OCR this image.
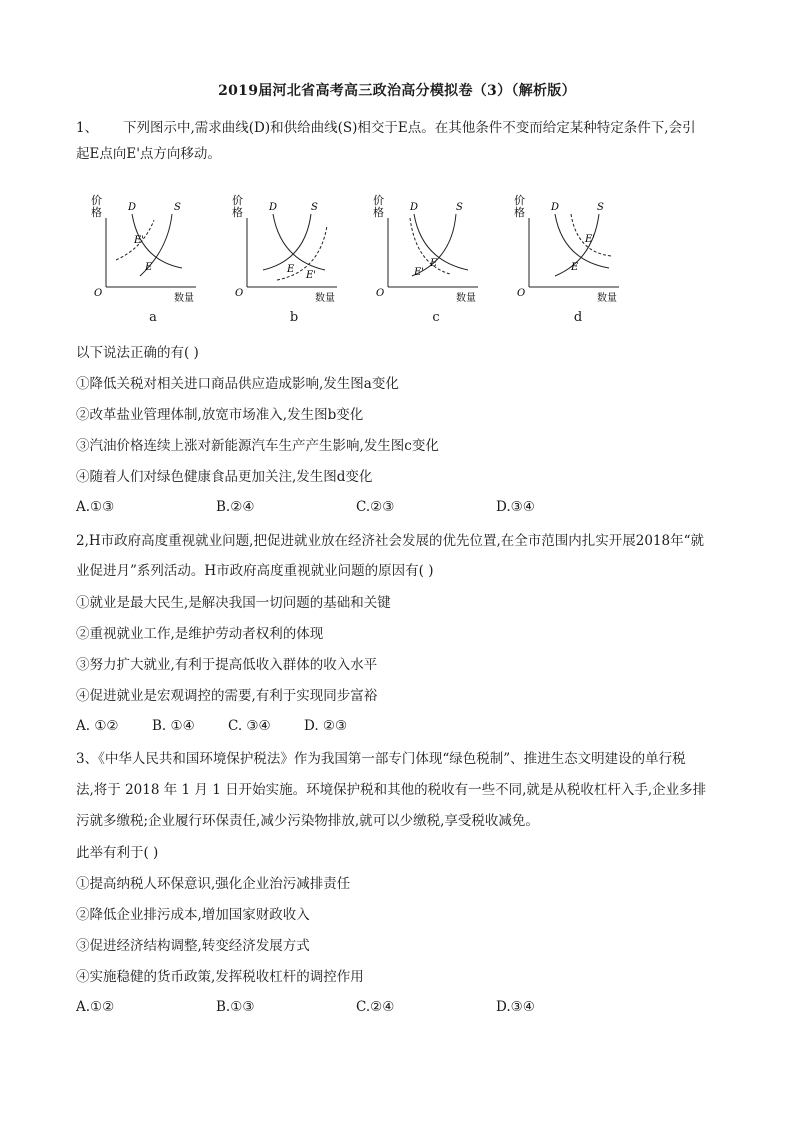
2019届河北省高考高三政治高分模拟卷（3）（解析版）
1、 下列图示中,需求曲线(D)和供给曲线(S)相交于E点。在其他条件不变而给定某种特定条件下,会引
起E点向E'点方向移动。
价
格
O	数量
D	S
E
E'
a
价
格
O	数量
D	S
E
E'
b
价
格
O	数量
D	S
E
E'
c
价
格
O	数量
D	S
E
E'
d
以下说法正确的有( )
①降低关税对相关进口商品供应造成影响,发生图a变化
②改革盐业管理体制,放宽市场准入,发生图b变化
③汽油价格连续上涨对新能源汽车生产产生影响,发生图c变化
④随着人们对绿色健康食品更加关注,发生图d变化
A.①③	B.②④	C.②③	D.③④
2,H市政府高度重视就业问题,把促进就业放在经济社会发展的优先位置,在全市范围内扎实开展2018年“就
业促进月”系列活动。H市政府高度重视就业问题的原因有( )
①就业是最大民生,是解决我国一切问题的基础和关键
②重视就业工作,是维护劳动者权利的体现
③努力扩大就业,有利于提高低收入群体的收入水平
④促进就业是宏观调控的需要,有利于实现同步富裕
A. ①② B. ①④ C. ③④ D. ②③
3、《中华人民共和国环境保护税法》作为我国第一部专门体现“绿色税制”、推进生态文明建设的单行税
法,将于 2018 年 1 月 1 日开始实施。环境保护税和其他的税收有一些不同,就是从税收杠杆入手,企业多排
污就多缴税;企业履行环保责任,减少污染物排放,就可以少缴税,享受税收减免。
此举有利于( )
①提高纳税人环保意识,强化企业治污减排责任
②降低企业排污成本,增加国家财政收入
③促进经济结构调整,转变经济发展方式
④实施稳健的货币政策,发挥税收杠杆的调控作用
A.①②	B.①③	C.②④	D.③④
